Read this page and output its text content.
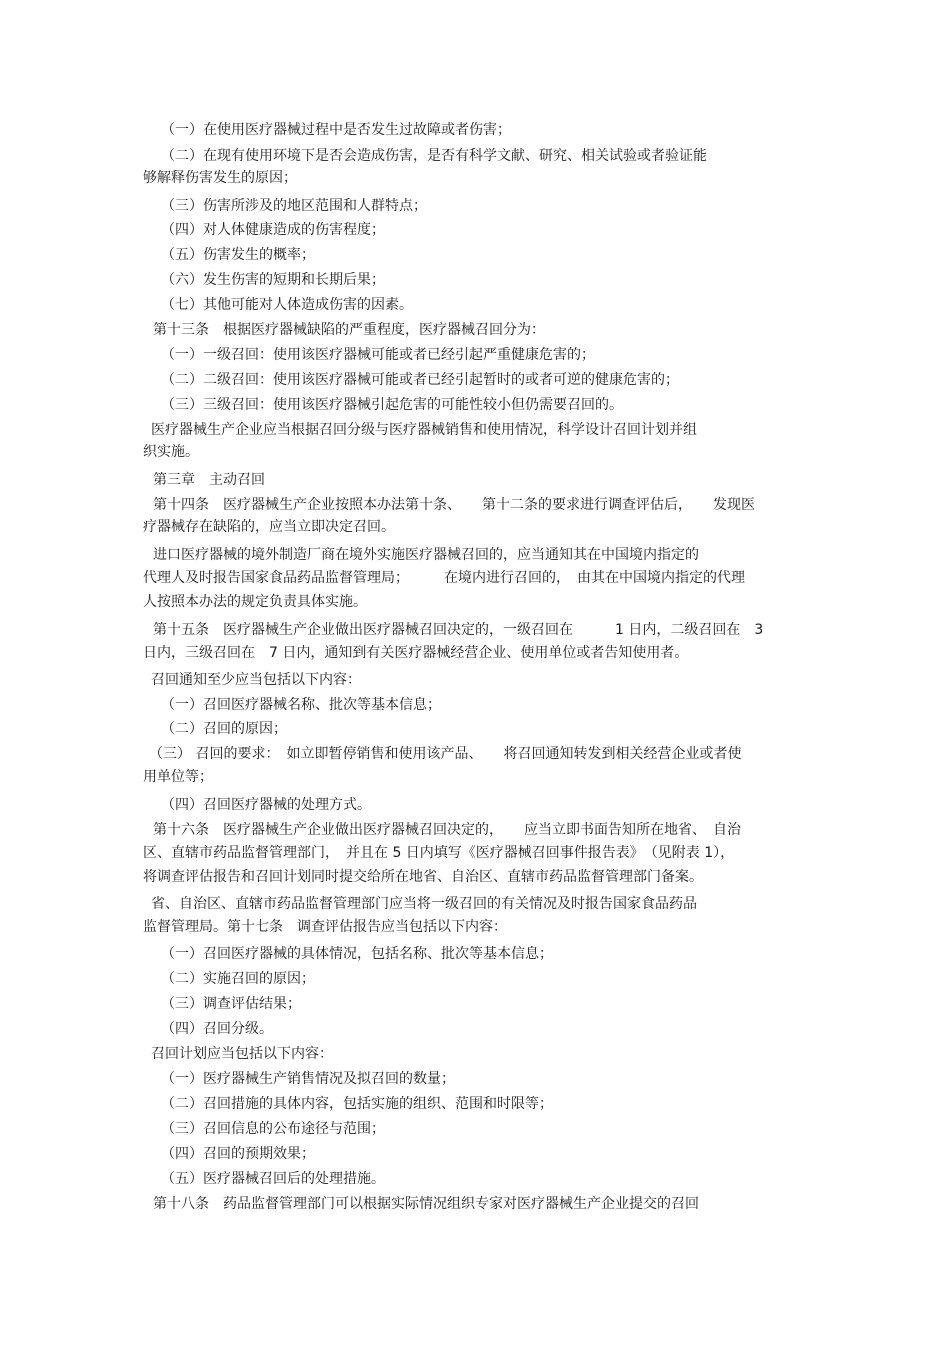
（一）在使用医疗器械过程中是否发生过故障或者伤害；
（二）在现有使用环境下是否会造成伤害，是否有科学文献、研究、相关试验或者验证能
够解释伤害发生的原因；
（三）伤害所涉及的地区范围和人群特点；
（四）对人体健康造成的伤害程度；
（五）伤害发生的概率；
（六）发生伤害的短期和长期后果；
（七）其他可能对人体造成伤害的因素。
第十三条　根据医疗器械缺陷的严重程度，医疗器械召回分为：
（一）一级召回：使用该医疗器械可能或者已经引起严重健康危害的；
（二）二级召回：使用该医疗器械可能或者已经引起暂时的或者可逆的健康危害的；
（三）三级召回：使用该医疗器械引起危害的可能性较小但仍需要召回的。
医疗器械生产企业应当根据召回分级与医疗器械销售和使用情况，科学设计召回计划并组
织实施。
第三章　主动召回
第十四条　医疗器械生产企业按照本办法第十条、　　第十二条的要求进行调查评估后，　　发现医
疗器械存在缺陷的，应当立即决定召回。
进口医疗器械的境外制造厂商在境外实施医疗器械召回的，应当通知其在中国境内指定的
代理人及时报告国家食品药品监督管理局；　　　在境内进行召回的，　由其在中国境内指定的代理
人按照本办法的规定负责具体实施。
第十五条　医疗器械生产企业做出医疗器械召回决定的，一级召回在　　　1 日内，二级召回在　3
日内，三级召回在　7 日内，通知到有关医疗器械经营企业、使用单位或者告知使用者。
召回通知至少应当包括以下内容：
（一）召回医疗器械名称、批次等基本信息；
（二）召回的原因；
（三） 召回的要求：　如立即暂停销售和使用该产品、　　将召回通知转发到相关经营企业或者使
用单位等；
（四）召回医疗器械的处理方式。
第十六条　医疗器械生产企业做出医疗器械召回决定的，　　应当立即书面告知所在地省、　自治
区、直辖市药品监督管理部门，　并且在 5 日内填写《医疗器械召回事件报告表》　（见附表 1），
将调查评估报告和召回计划同时提交给所在地省、自治区、直辖市药品监督管理部门备案。
省、自治区、直辖市药品监督管理部门应当将一级召回的有关情况及时报告国家食品药品
监督管理局。第十七条　调查评估报告应当包括以下内容：
（一）召回医疗器械的具体情况，包括名称、批次等基本信息；
（二）实施召回的原因；
（三）调查评估结果；
（四）召回分级。
召回计划应当包括以下内容：
（一）医疗器械生产销售情况及拟召回的数量；
（二）召回措施的具体内容，包括实施的组织、范围和时限等；
（三）召回信息的公布途径与范围；
（四）召回的预期效果；
（五）医疗器械召回后的处理措施。
第十八条　药品监督管理部门可以根据实际情况组织专家对医疗器械生产企业提交的召回
